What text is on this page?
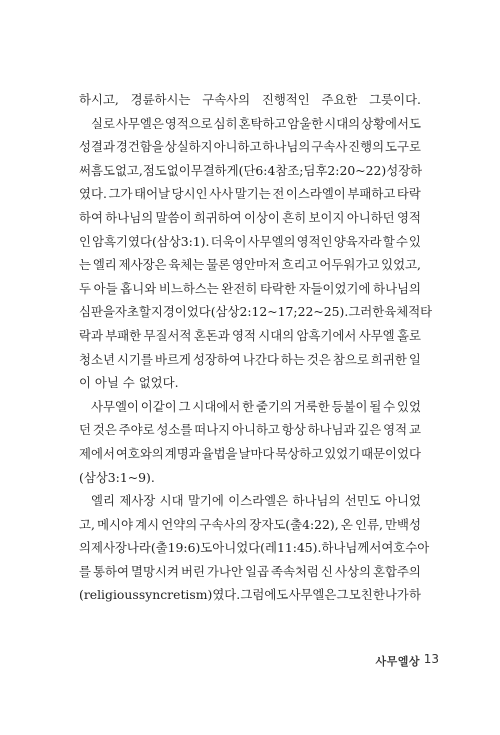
하시고, 경륜하시는 구속사의 진행적인 주요한 그릇이다.
실로 사무엘은 영적으로 심히 혼탁하고 암울한 시대의 상황에서도
성결과 경건함을 상실하지 아니하고 하나님의 구속사 진행의 도구로
써 흠도 없고, 점도 없이 무결하게(단6:4참조; 딤후2:20~22) 성장하
였다. 그가 태어날 당시인 사사 말기는 전 이스라엘이 부패하고 타락
하여 하나님의 말씀이 희귀하여 이상이 흔히 보이지 아니하던 영적
인 암흑기였다(삼상3:1). 더욱이 사무엘의 영적인 양육자라 할 수 있
는 엘리 제사장은 육체는 물론 영안마저 흐리고 어두워가고 있었고,
두 아들 홉니와 비느하스는 완전히 타락한 자들이었기에 하나님의
심판을 자초할 지경이었다(삼상2:12~17; 22~25). 그러한 육체적 타
락과 부패한 무질서적 혼돈과 영적 시대의 암흑기에서 사무엘 홀로
청소년 시기를 바르게 성장하여 나간다 하는 것은 참으로 희귀한 일
이 아닐 수 없었다.
사무엘이 이같이 그 시대에서 한 줄기의 거룩한 등불이 될 수 있었
던 것은 주야로 성소를 떠나지 아니하고 항상 하나님과 깊은 영적 교
제에서 여호와의 계명과 율법을 날마다 묵상하고 있었기 때문이었다
(삼상3:1~9).
엘리 제사장 시대 말기에 이스라엘은 하나님의 선민도 아니었
고, 메시야 계시 언약의 구속사의 장자도(출4:22), 온 인류, 만백성
의 제사장 나라(출19:6)도 아니었다(레11:45). 하나님께서 여호수아
를 통하여 멸망시켜 버린 가나안 일곱 족속처럼 신 사상의 혼합주의
(religious syncretism)였다. 그럼에도 사무엘은 그 모친 한나가 하
사무엘상 13
